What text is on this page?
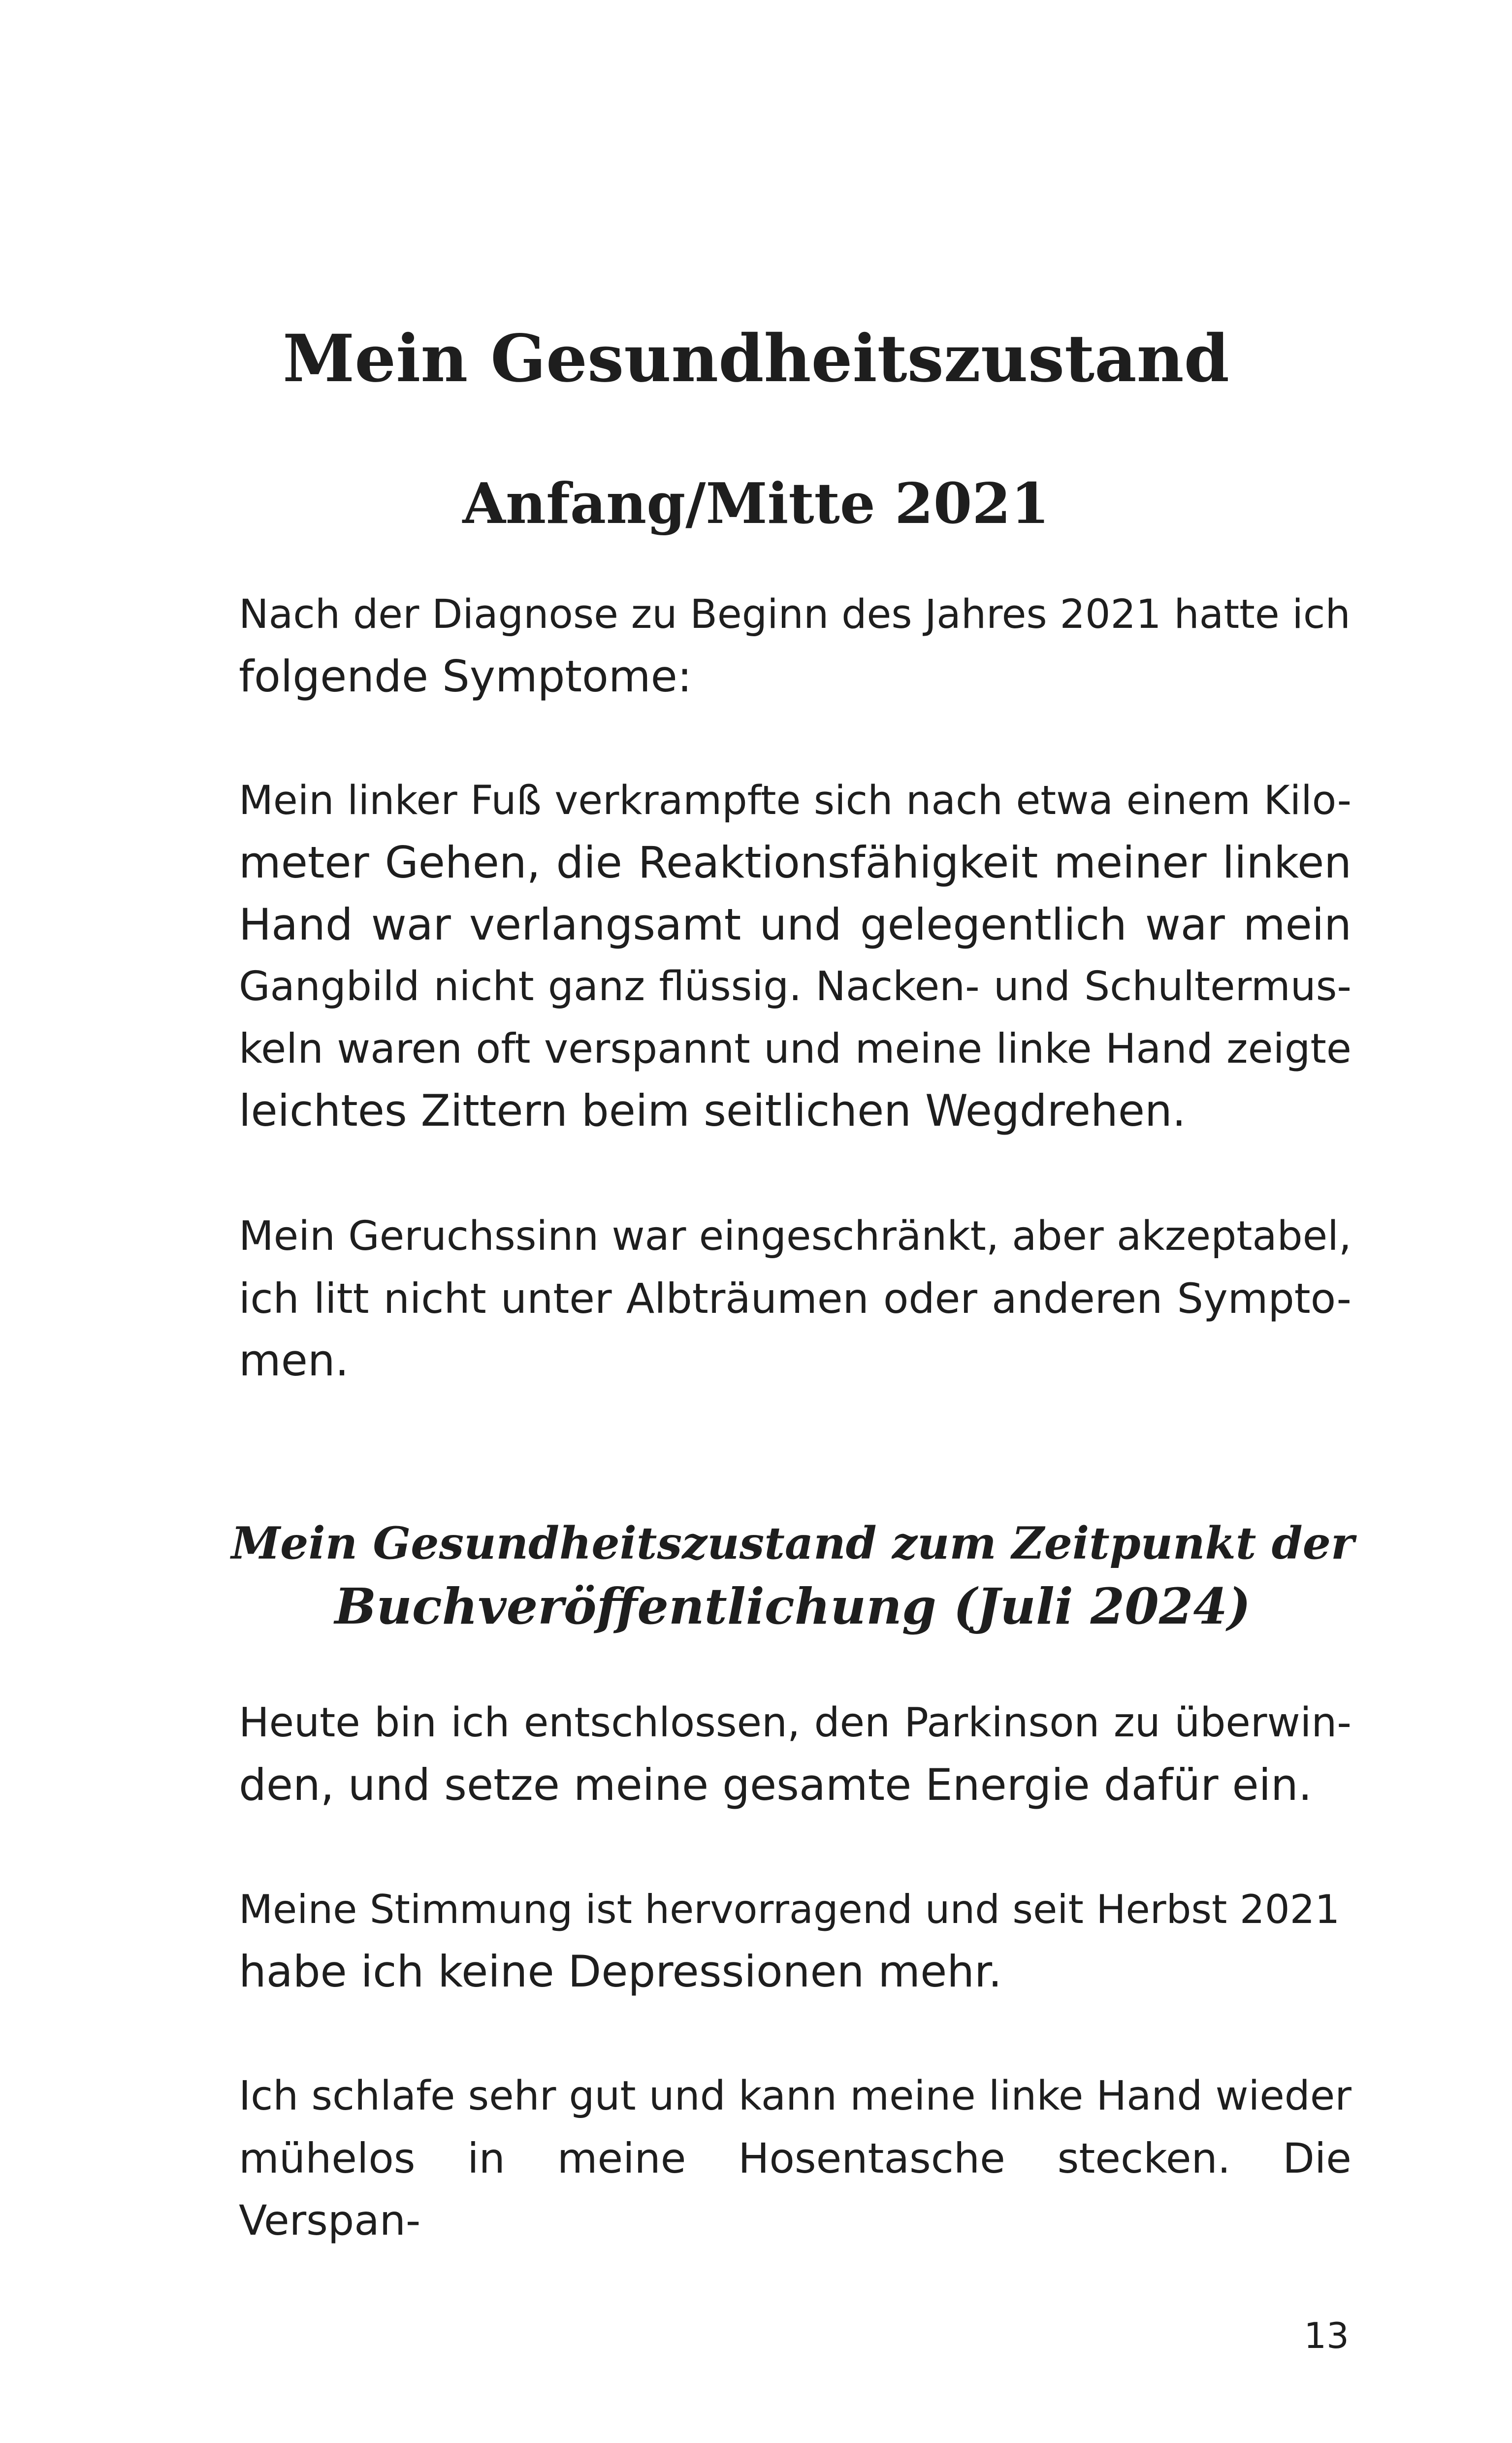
Mein Gesundheitszustand
Anfang/Mitte 2021

Nach der Diagnose zu Beginn des Jahres 2021 hatte ich
folgende Symptome:

Mein linker Fuß verkrampfte sich nach etwa einem Kilo-
meter Gehen, die Reaktionsfähigkeit meiner linken
Hand war verlangsamt und gelegentlich war mein
Gangbild nicht ganz flüssig. Nacken- und Schultermus-
keln waren oft verspannt und meine linke Hand zeigte
leichtes Zittern beim seitlichen Wegdrehen.

Mein Geruchssinn war eingeschränkt, aber akzeptabel,
ich litt nicht unter Albträumen oder anderen Sympto-
men.

Mein Gesundheitszustand zum Zeitpunkt der
Buchveröffentlichung (Juli 2024)

Heute bin ich entschlossen, den Parkinson zu überwin-
den, und setze meine gesamte Energie dafür ein.

Meine Stimmung ist hervorragend und seit Herbst 2021
habe ich keine Depressionen mehr.

Ich schlafe sehr gut und kann meine linke Hand wieder
mühelos in meine Hosentasche stecken. Die Verspan-

13
